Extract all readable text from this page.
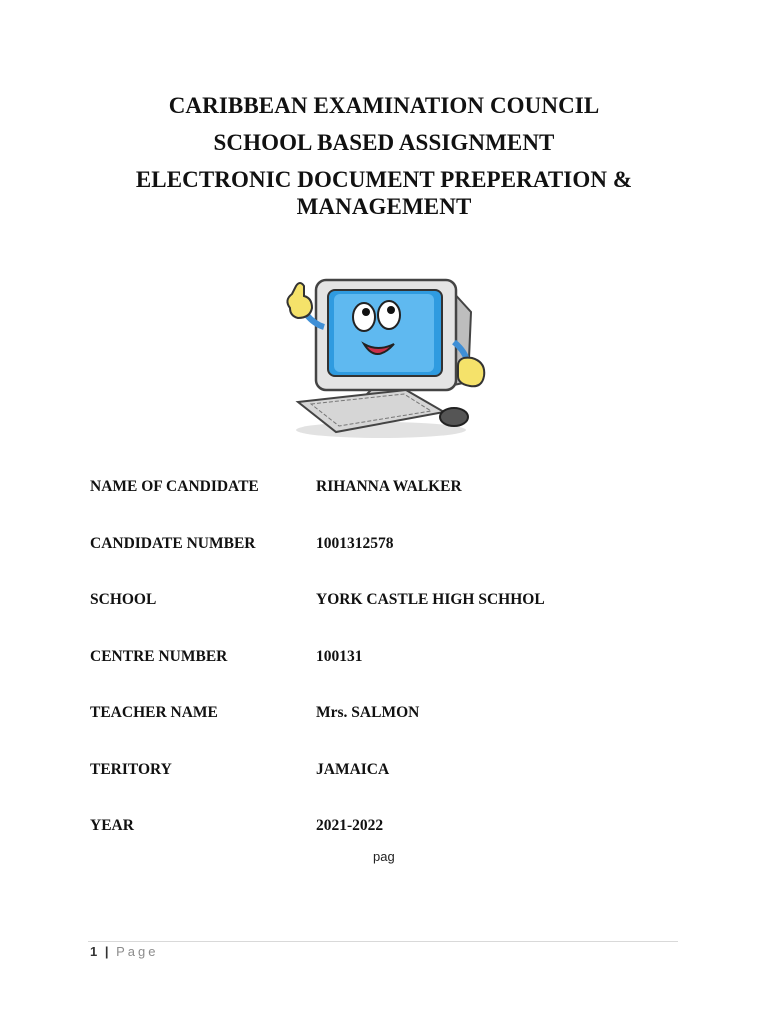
CARIBBEAN EXAMINATION COUNCIL
SCHOOL BASED ASSIGNMENT
ELECTRONIC DOCUMENT PREPERATION & MANAGEMENT
NAME OF CANDIDATE	RIHANNA WALKER
CANDIDATE NUMBER	1001312578
SCHOOL	YORK CASTLE HIGH SCHHOL
CENTRE NUMBER	100131
TEACHER NAME	Mrs. SALMON
TERITORY	JAMAICA
YEAR	2021-2022
pag
1 | Page
